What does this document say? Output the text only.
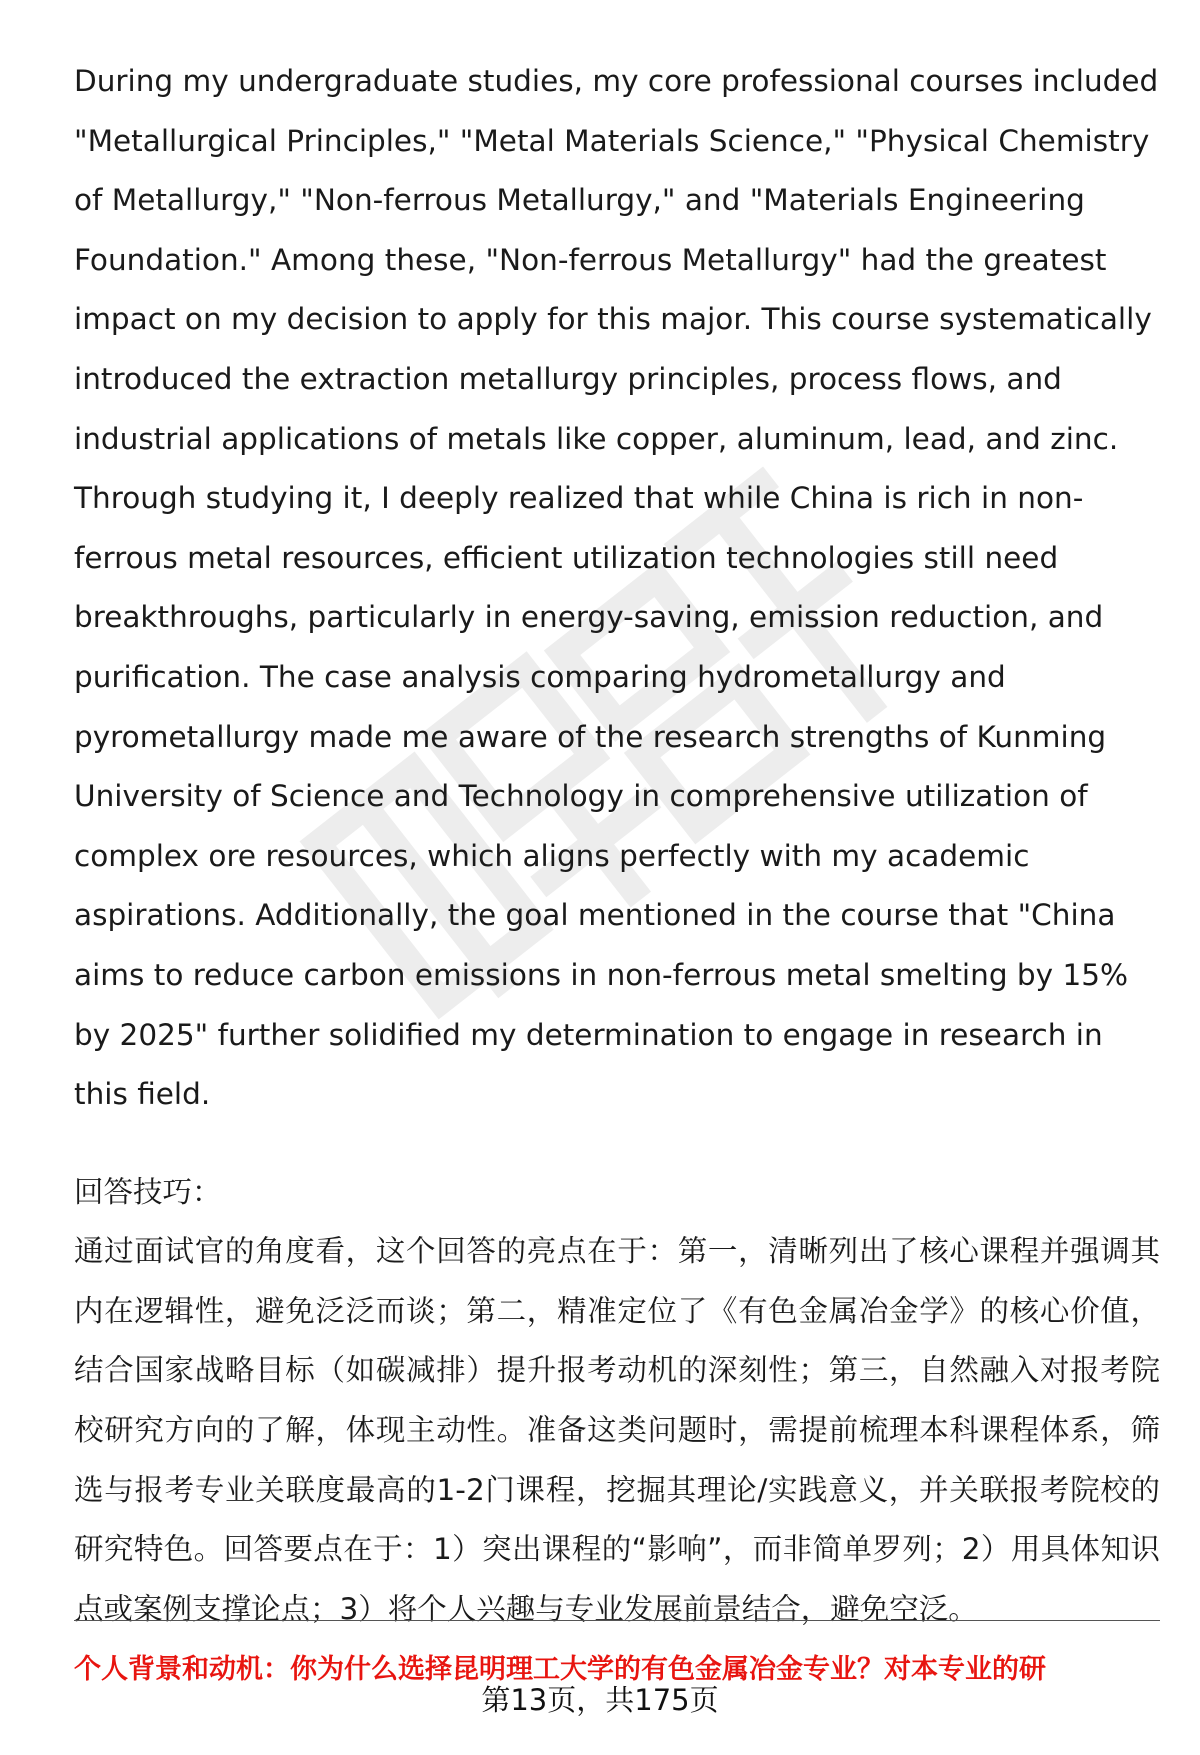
During my undergraduate studies, my core professional courses included "Metallurgical Principles," "Metal Materials Science," "Physical Chemistry of Metallurgy," "Non-ferrous Metallurgy," and "Materials Engineering Foundation." Among these, "Non-ferrous Metallurgy" had the greatest impact on my decision to apply for this major. This course systematically introduced the extraction metallurgy principles, process flows, and industrial applications of metals like copper, aluminum, lead, and zinc. Through studying it, I deeply realized that while China is rich in non-ferrous metal resources, efficient utilization technologies still need breakthroughs, particularly in energy-saving, emission reduction, and purification. The case analysis comparing hydrometallurgy and pyrometallurgy made me aware of the research strengths of Kunming University of Science and Technology in comprehensive utilization of complex ore resources, which aligns perfectly with my academic aspirations. Additionally, the goal mentioned in the course that "China aims to reduce carbon emissions in non-ferrous metal smelting by 15% by 2025" further solidified my determination to engage in research in this field.

回答技巧：

通过面试官的角度看，这个回答的亮点在于：第一，清晰列出了核心课程并强调其内在逻辑性，避免泛泛而谈；第二，精准定位了《有色金属冶金学》的核心价值，结合国家战略目标（如碳减排）提升报考动机的深刻性；第三，自然融入对报考院校研究方向的了解，体现主动性。准备这类问题时，需提前梳理本科课程体系，筛选与报考专业关联度最高的1-2门课程，挖掘其理论/实践意义，并关联报考院校的研究特色。回答要点在于：1）突出课程的“影响”，而非简单罗列；2）用具体知识点或案例支撑论点；3）将个人兴趣与专业发展前景结合，避免空泛。

个人背景和动机：你为什么选择昆明理工大学的有色金属冶金专业？对本专业的研
第13页，共175页
